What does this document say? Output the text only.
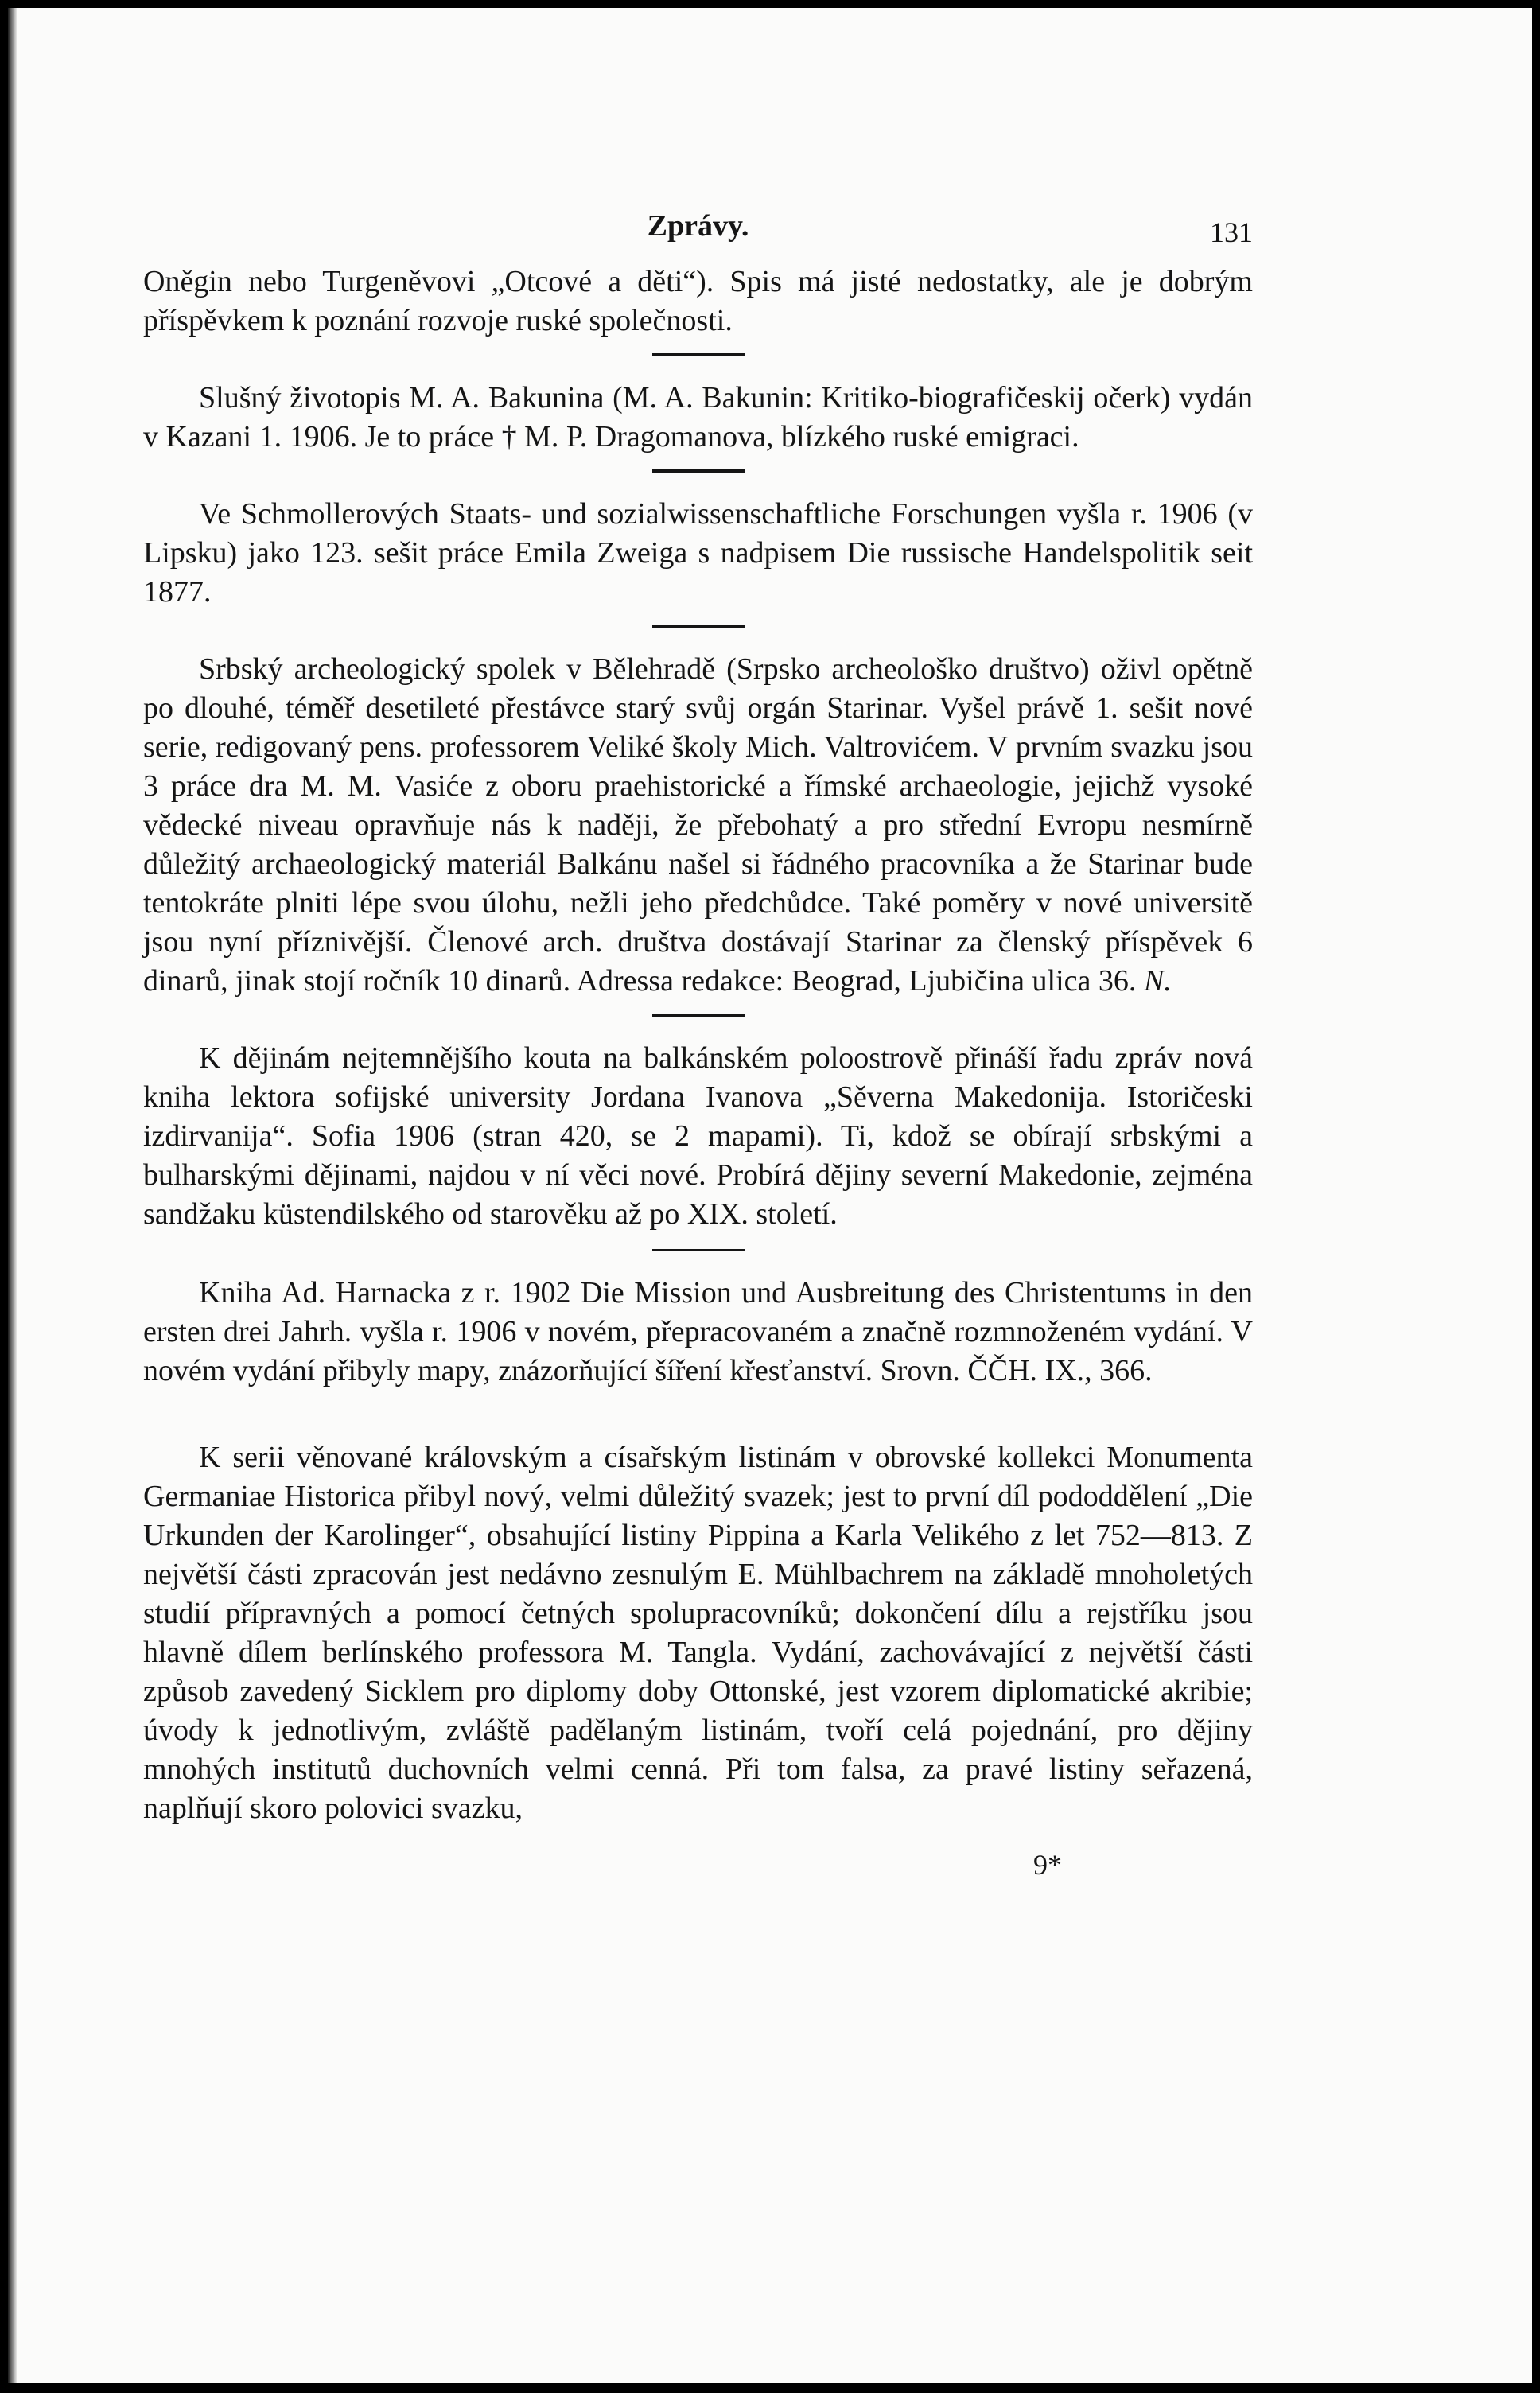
Zprávy.	131

Oněgin nebo Turgeněvovi „Otcové a děti“). Spis má jisté nedostatky, ale je dobrým příspěvkem k poznání rozvoje ruské společnosti.

Slušný životopis M. A. Bakunina (M. A. Bakunin: Kritiko-biografičeskij očerk) vydán v Kazani 1. 1906. Je to práce † M. P. Dragomanova, blízkého ruské emigraci.

Ve Schmollerových Staats- und sozialwissenschaftliche Forschungen vyšla r. 1906 (v Lipsku) jako 123. sešit práce Emila Zweiga s nadpisem Die russische Handelspolitik seit 1877.

Srbský archeologický spolek v Bělehradě (Srpsko archeološko društvo) oživl opětně po dlouhé, téměř desetileté přestávce starý svůj orgán Starinar. Vyšel právě 1. sešit nové serie, redigovaný pens. professorem Veliké školy Mich. Valtrovićem. V prvním svazku jsou 3 práce dra M. M. Vasiće z oboru praehistorické a římské archaeologie, jejichž vysoké vědecké niveau opravňuje nás k naději, že přebohatý a pro střední Evropu nesmírně důležitý archaeologický materiál Balkánu našel si řádného pracovníka a že Starinar bude tentokráte plniti lépe svou úlohu, nežli jeho předchůdce. Také poměry v nové universitě jsou nyní příznivější. Členové arch. društva dostávají Starinar za členský příspěvek 6 dinarů, jinak stojí ročník 10 dinarů. Adressa redakce: Beograd, Ljubičina ulica 36. N.

K dějinám nejtemnějšího kouta na balkánském poloostrově přináší řadu zpráv nová kniha lektora sofijské university Jordana Ivanova „Sěverna Makedonija. Istoričeski izdirvanija“. Sofia 1906 (stran 420, se 2 mapami). Ti, kdož se obírají srbskými a bulharskými dějinami, najdou v ní věci nové. Probírá dějiny severní Makedonie, zejména sandžaku küstendilského od starověku až po XIX. století.

Kniha Ad. Harnacka z r. 1902 Die Mission und Ausbreitung des Christentums in den ersten drei Jahrh. vyšla r. 1906 v novém, přepracovaném a značně rozmnoženém vydání. V novém vydání přibyly mapy, znázorňující šíření křesťanství. Srovn. ČČH. IX., 366.

K serii věnované královským a císařským listinám v obrovské kollekci Monumenta Germaniae Historica přibyl nový, velmi důležitý svazek; jest to první díl pododdělení „Die Urkunden der Karolinger“, obsahující listiny Pippina a Karla Velikého z let 752—813. Z největší části zpracován jest nedávno zesnulým E. Mühlbachrem na základě mnoholetých studií přípravných a pomocí četných spolupracovníků; dokončení dílu a rejstříku jsou hlavně dílem berlínského professora M. Tangla. Vydání, zachovávající z největší části způsob zavedený Sicklem pro diplomy doby Ottonské, jest vzorem diplomatické akribie; úvody k jednotlivým, zvláště padělaným listinám, tvoří celá pojednání, pro dějiny mnohých institutů duchovních velmi cenná. Při tom falsa, za pravé listiny seřazená, naplňují skoro polovici svazku,

9*
